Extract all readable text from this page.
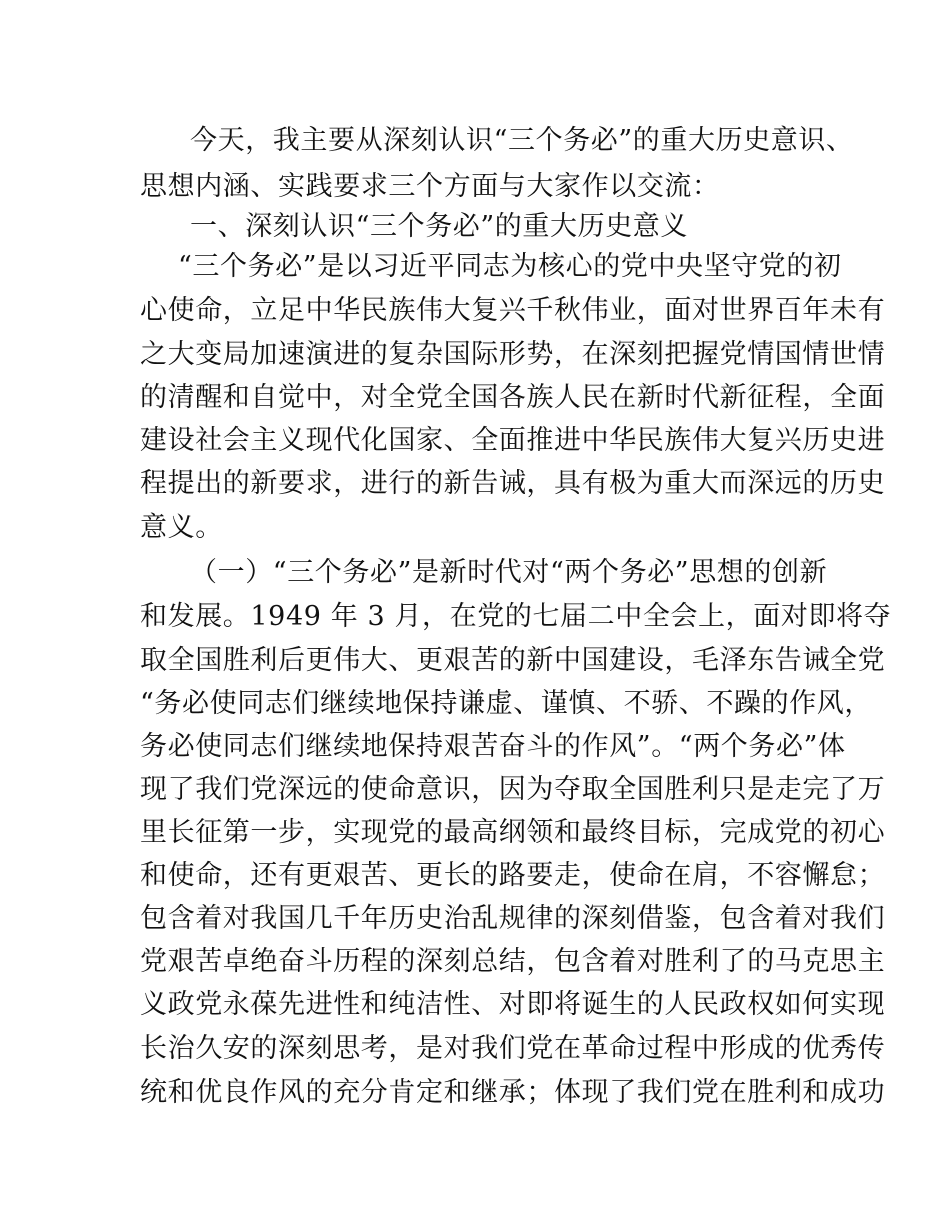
今天，我主要从深刻认识“三个务必”的重大历史意识、
思想内涵、实践要求三个方面与大家作以交流：
一、深刻认识“三个务必”的重大历史意义
“三个务必”是以习近平同志为核心的党中央坚守党的初
心使命，立足中华民族伟大复兴千秋伟业，面对世界百年未有
之大变局加速演进的复杂国际形势，在深刻把握党情国情世情
的清醒和自觉中，对全党全国各族人民在新时代新征程，全面
建设社会主义现代化国家、全面推进中华民族伟大复兴历史进
程提出的新要求，进行的新告诫，具有极为重大而深远的历史
意义。
（一）“三个务必”是新时代对“两个务必”思想的创新
和发展。1949 年 3 月，在党的七届二中全会上，面对即将夺
取全国胜利后更伟大、更艰苦的新中国建设，毛泽东告诫全党
“务必使同志们继续地保持谦虚、谨慎、不骄、不躁的作风，
务必使同志们继续地保持艰苦奋斗的作风”。“两个务必”体
现了我们党深远的使命意识，因为夺取全国胜利只是走完了万
里长征第一步，实现党的最高纲领和最终目标，完成党的初心
和使命，还有更艰苦、更长的路要走，使命在肩，不容懈怠；
包含着对我国几千年历史治乱规律的深刻借鉴，包含着对我们
党艰苦卓绝奋斗历程的深刻总结，包含着对胜利了的马克思主
义政党永葆先进性和纯洁性、对即将诞生的人民政权如何实现
长治久安的深刻思考，是对我们党在革命过程中形成的优秀传
统和优良作风的充分肯定和继承；体现了我们党在胜利和成功
